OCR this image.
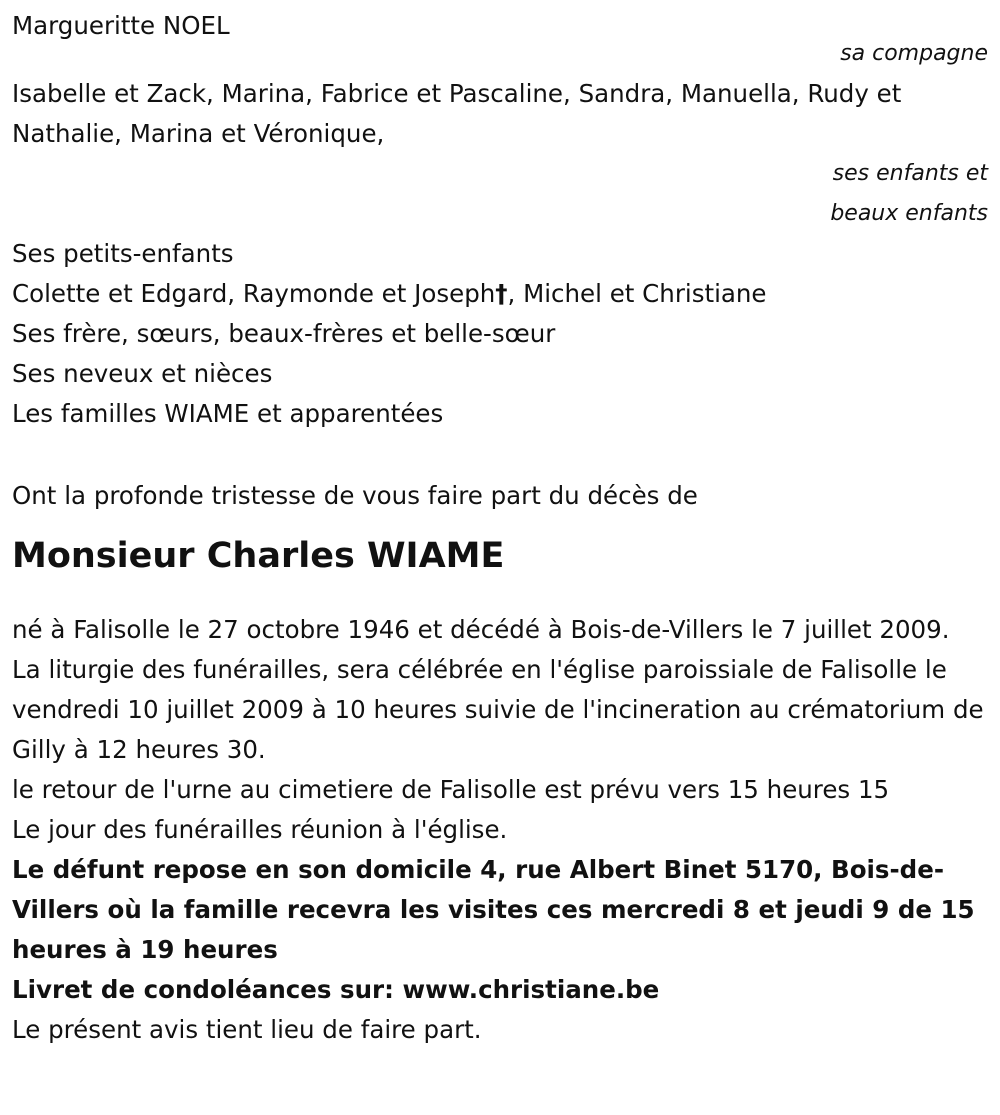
Margueritte NOEL

sa compagne

Isabelle et Zack, Marina, Fabrice et Pascaline, Sandra, Manuella, Rudy et Nathalie, Marina et Véronique,

ses enfants et beaux enfants

Ses petits-enfants

Colette et Edgard, Raymonde et Joseph†, Michel et Christiane

Ses frère, sœurs, beaux-frères et belle-sœur

Ses neveux et nièces

Les familles WIAME et apparentées

Ont la profonde tristesse de vous faire part du décès de

Monsieur Charles WIAME

né à Falisolle le 27 octobre 1946 et décédé à Bois-de-Villers le 7 juillet 2009.

La liturgie des funérailles, sera célébrée en l'église paroissiale de Falisolle le vendredi 10 juillet 2009 à 10 heures suivie de l'incineration au crématorium de Gilly à 12 heures 30.

le retour de l'urne au cimetiere de Falisolle est prévu vers 15 heures 15

Le jour des funérailles réunion à l'église.

Le défunt repose en son domicile 4, rue Albert Binet 5170, Bois-de-Villers où la famille recevra les visites ces mercredi 8 et jeudi 9 de 15 heures à 19 heures

Livret de condoléances sur: www.christiane.be

Le présent avis tient lieu de faire part.
